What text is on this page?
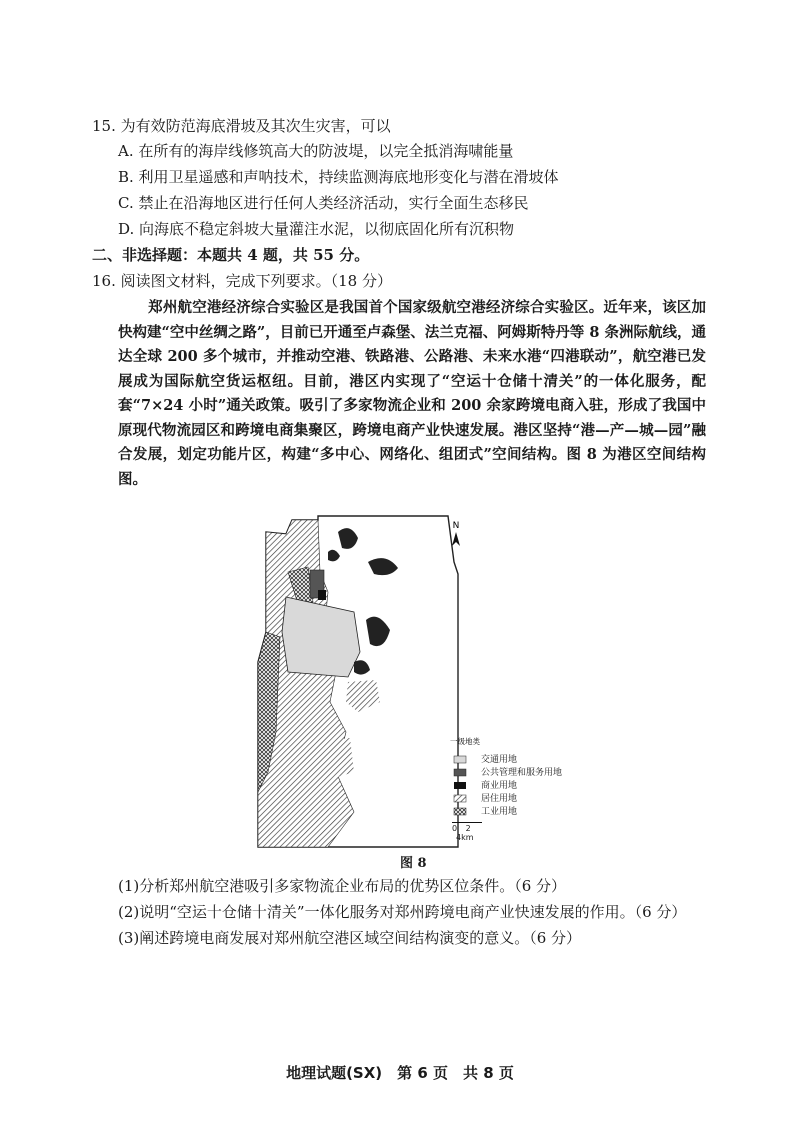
15. 为有效防范海底滑坡及其次生灾害，可以
A. 在所有的海岸线修筑高大的防波堤，以完全抵消海啸能量
B. 利用卫星遥感和声呐技术，持续监测海底地形变化与潜在滑坡体
C. 禁止在沿海地区进行任何人类经济活动，实行全面生态移民
D. 向海底不稳定斜坡大量灌注水泥，以彻底固化所有沉积物
二、非选择题：本题共 4 题，共 55 分。
16. 阅读图文材料，完成下列要求。（18 分）
郑州航空港经济综合实验区是我国首个国家级航空港经济综合实验区。近年来，该区加快构建“空中丝绸之路”，目前已开通至卢森堡、法兰克福、阿姆斯特丹等 8 条洲际航线，通达全球 200 多个城市，并推动空港、铁路港、公路港、未来水港“四港联动”，航空港已发展成为国际航空货运枢纽。目前，港区内实现了“空运十仓储十清关”的一体化服务，配套“7×24 小时”通关政策。吸引了多家物流企业和 200 余家跨境电商入驻，形成了我国中原现代物流园区和跨境电商集聚区，跨境电商产业快速发展。港区坚持“港—产—城—园”融合发展，划定功能片区，构建“多中心、网络化、组团式”空间结构。图 8 为港区空间结构图。
N
一级地类
交通用地
公共管理和服务用地
商业用地
居住用地
工业用地
0 2 4km
图 8
(1)分析郑州航空港吸引多家物流企业布局的优势区位条件。（6 分）
(2)说明“空运十仓储十清关”一体化服务对郑州跨境电商产业快速发展的作用。（6 分）
(3)阐述跨境电商发展对郑州航空港区域空间结构演变的意义。（6 分）
地理试题(SX)　第 6 页　共 8 页
